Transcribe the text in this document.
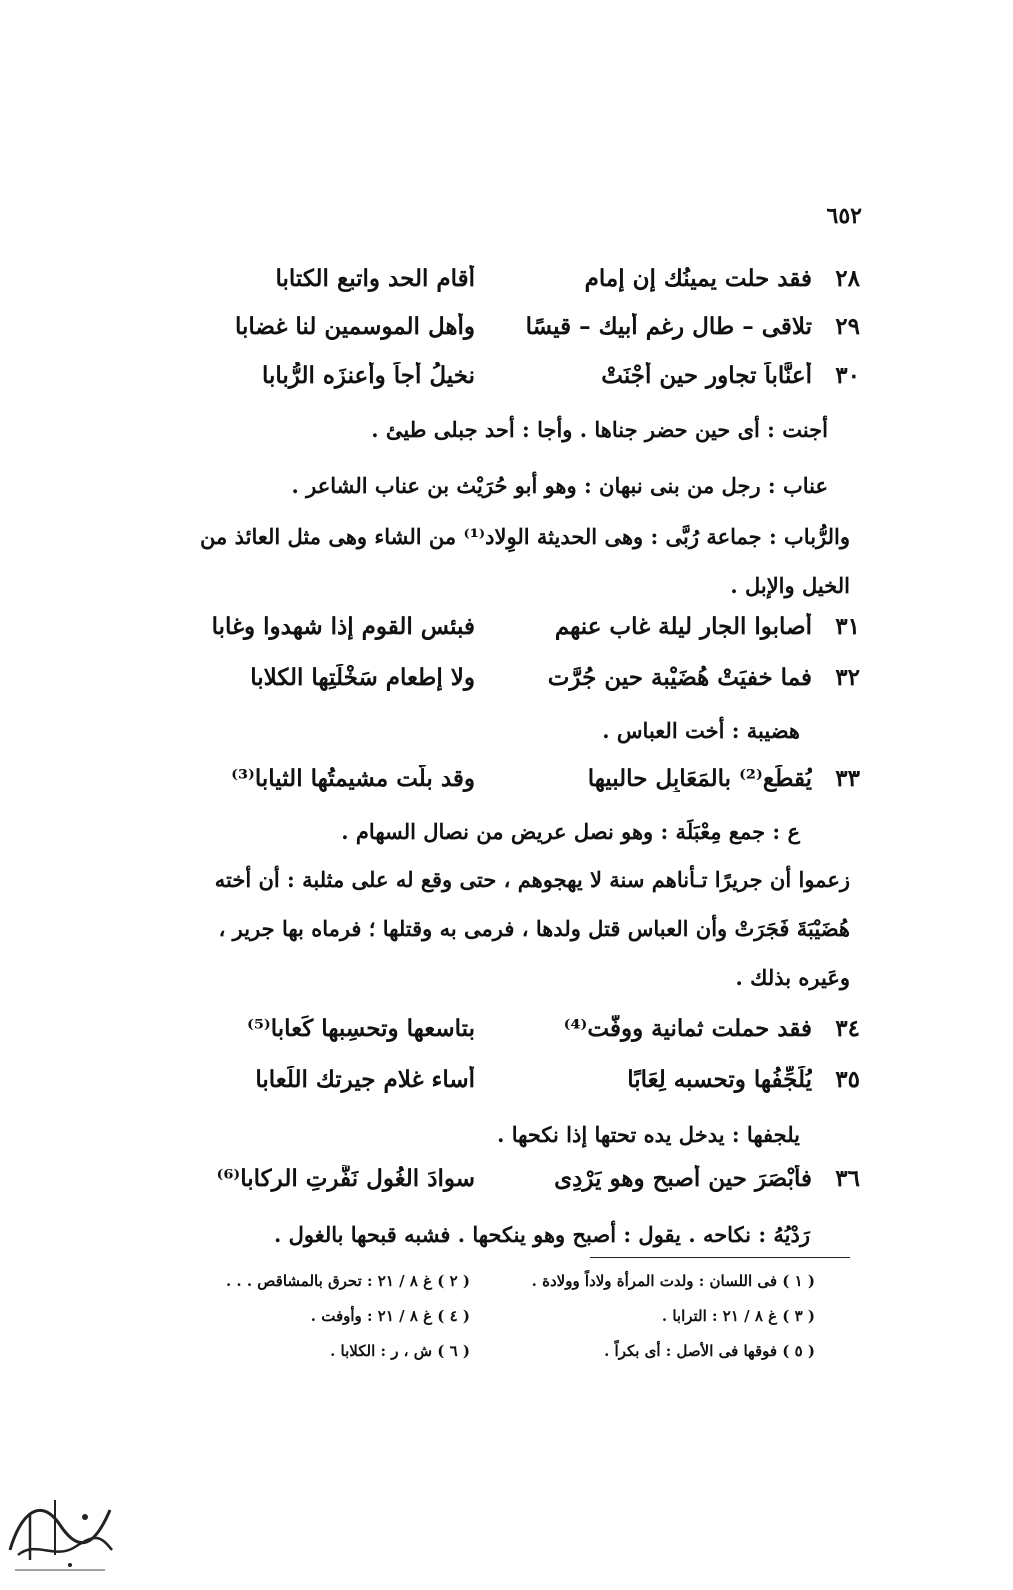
٦٥٢
٢٨
فقد حلت يمينُك إن إمام
أقام الحد واتبع الكتابا
٢٩
تلاقى – طال رغم أبيك – قيسًا
وأهل الموسمين لنا غضابا
٣٠
أعنَّاباً تجاور حين أجْنَتْ
نخيلُ أجاً وأعنزَه الرُّبابا
أجنت : أى حين حضر جناها . وأجا : أحد جبلى طيئ .
عناب : رجل من بنى نبهان : وهو أبو حُرَيْث بن عناب الشاعر .
والرُّباب : جماعة رُبَّى : وهى الحديثة الوِلاد⁽¹⁾ من الشاء وهى مثل العائذ من الخيل والإبل .
٣١
أصابوا الجار ليلة غاب عنهم
فبئس القوم إذا شهدوا وغابا
٣٢
فما خفيَتْ هُضَيْبة حين جُرَّت
ولا إطعام سَخْلَتِها الكلابا
هضيبة : أخت العباس .
٣٣
يُقطِّع⁽²⁾ بالمَعَابِل حالبيها
وقد بلَّت مشيمتُها الثيابا⁽³⁾
ع : جمع مِعْبَلَة : وهو نصل عريض من نصال السهام .
زعموا أن جريرًا تـأناهم سنة لا يهجوهم ، حتى وقع له على مثلبة : أن أخته هُضَيْبَةَ فَجَرَتْ وأن العباس قتل ولدها ، فرمى به وقتلها ؛ فرماه بها جرير ، وعَيره بذلك .
٣٤
فقد حملت ثمانية ووفَّت⁽⁴⁾
بتاسعها وتحسِبها كَعابا⁽⁵⁾
٣٥
يُلَجِّفُها وتحسبه لِعَابًا
أساء غلام جيرتك اللِّعابا
يلجفها : يدخل يده تحتها إذا نكحها .
٣٦
فأبْصَرَ حين أصبح وهو يَرْدِى
سوادَ الغُول نَفَّرتِ الركابا⁽⁶⁾
رَدْيُهُ : نكاحه . يقول : أصبح وهو ينكحها . فشبه قبحها بالغول .
( ١ ) فى اللسان : ولدت المرأة ولاداً وولادة .
( ٢ ) غ ٨ / ٢١ : تحرق بالمشاقص . . .
( ٣ ) غ ٨ / ٢١ : الترابا .
( ٤ ) غ ٨ / ٢١ : وأوفت .
( ٥ ) فوقها فى الأصل : أى بكراً .
( ٦ ) ش ، ر : الكلابا .
